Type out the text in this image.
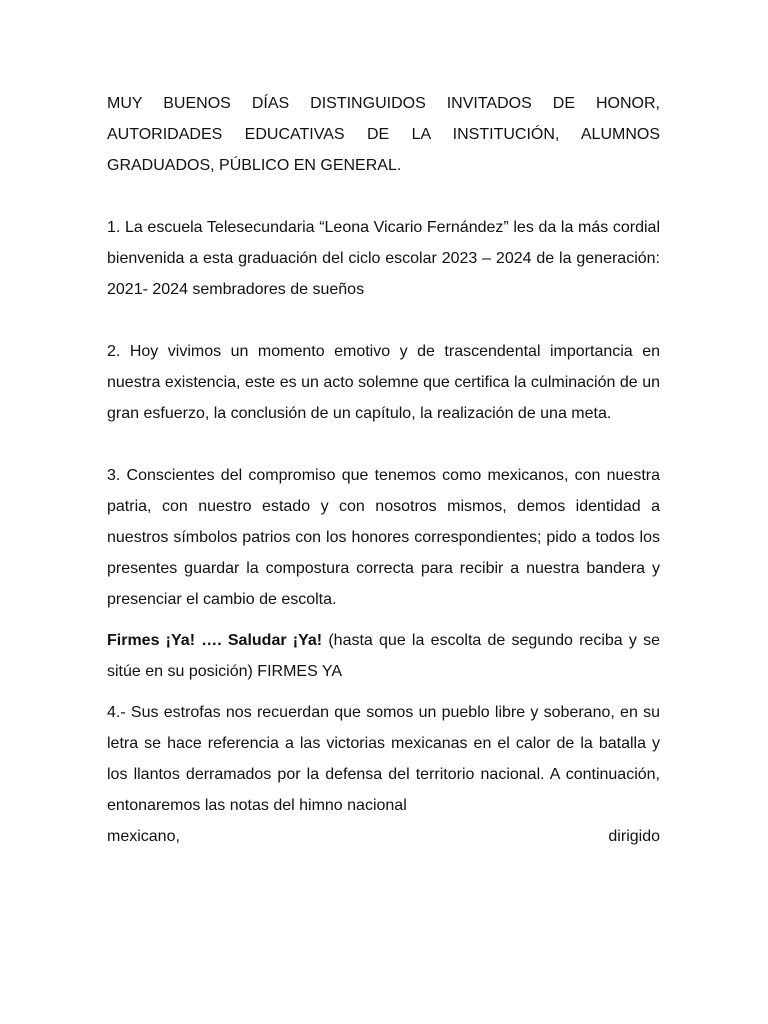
MUY BUENOS DÍAS DISTINGUIDOS INVITADOS DE HONOR, AUTORIDADES EDUCATIVAS DE LA INSTITUCIÓN, ALUMNOS GRADUADOS, PÚBLICO EN GENERAL.

1. La escuela Telesecundaria “Leona Vicario Fernández” les da la más cordial bienvenida a esta graduación del ciclo escolar 2023 – 2024 de la generación: 2021- 2024 sembradores de sueños

2. Hoy vivimos un momento emotivo y de trascendental importancia en nuestra existencia, este es un acto solemne que certifica la culminación de un gran esfuerzo, la conclusión de un capítulo, la realización de una meta.

3. Conscientes del compromiso que tenemos como mexicanos, con nuestra patria, con nuestro estado y con nosotros mismos, demos identidad a nuestros símbolos patrios con los honores correspondientes; pido a todos los presentes guardar la compostura correcta para recibir a nuestra bandera y presenciar el cambio de escolta.

Firmes ¡Ya! …. Saludar ¡Ya! (hasta que la escolta de segundo reciba y se sitúe en su posición) FIRMES YA

4.- Sus estrofas nos recuerdan que somos un pueblo libre y soberano, en su letra se hace referencia a las victorias mexicanas en el calor de la batalla y los llantos derramados por la defensa del territorio nacional. A continuación, entonaremos las notas del himno nacional

mexicano,	dirigido
